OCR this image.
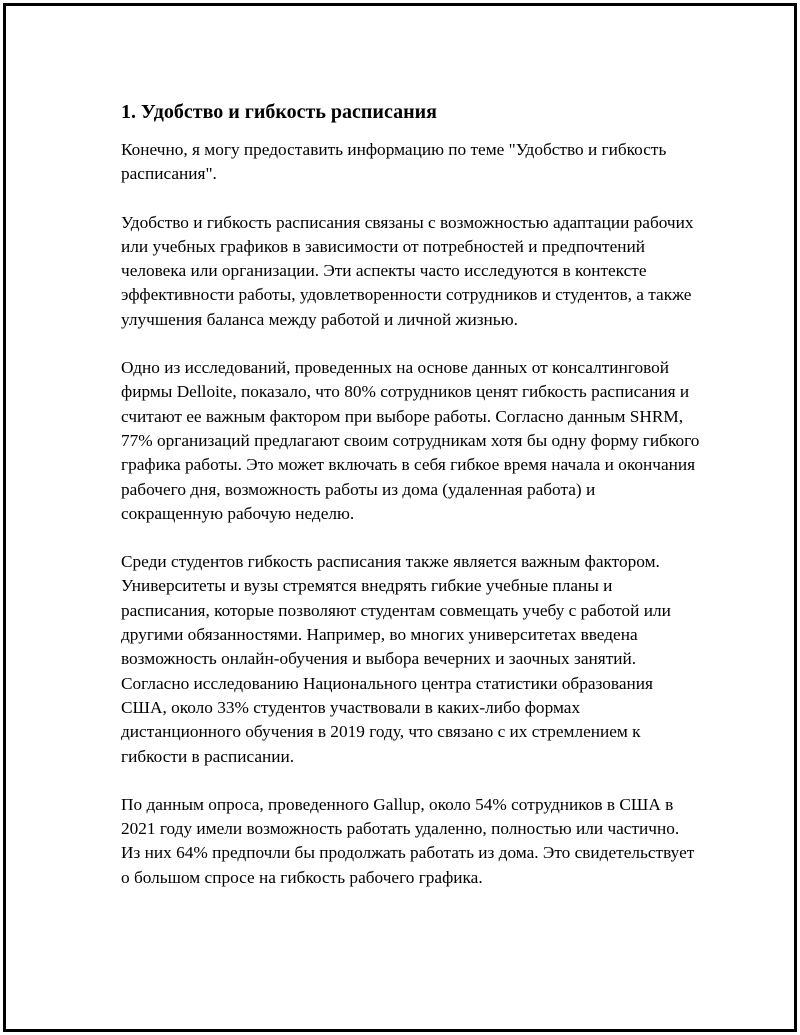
1. Удобство и гибкость расписания

Конечно, я могу предоставить информацию по теме "Удобство и гибкость расписания".

Удобство и гибкость расписания связаны с возможностью адаптации рабочих или учебных графиков в зависимости от потребностей и предпочтений человека или организации. Эти аспекты часто исследуются в контексте эффективности работы, удовлетворенности сотрудников и студентов, а также улучшения баланса между работой и личной жизнью.

Одно из исследований, проведенных на основе данных от консалтинговой фирмы Delloite, показало, что 80% сотрудников ценят гибкость расписания и считают ее важным фактором при выборе работы. Согласно данным SHRM, 77% организаций предлагают своим сотрудникам хотя бы одну форму гибкого графика работы. Это может включать в себя гибкое время начала и окончания рабочего дня, возможность работы из дома (удаленная работа) и сокращенную рабочую неделю.

Среди студентов гибкость расписания также является важным фактором. Университеты и вузы стремятся внедрять гибкие учебные планы и расписания, которые позволяют студентам совмещать учебу с работой или другими обязанностями. Например, во многих университетах введена возможность онлайн-обучения и выбора вечерних и заочных занятий. Согласно исследованию Национального центра статистики образования США, около 33% студентов участвовали в каких-либо формах дистанционного обучения в 2019 году, что связано с их стремлением к гибкости в расписании.

По данным опроса, проведенного Gallup, около 54% сотрудников в США в 2021 году имели возможность работать удаленно, полностью или частично. Из них 64% предпочли бы продолжать работать из дома. Это свидетельствует о большом спросе на гибкость рабочего графика.
